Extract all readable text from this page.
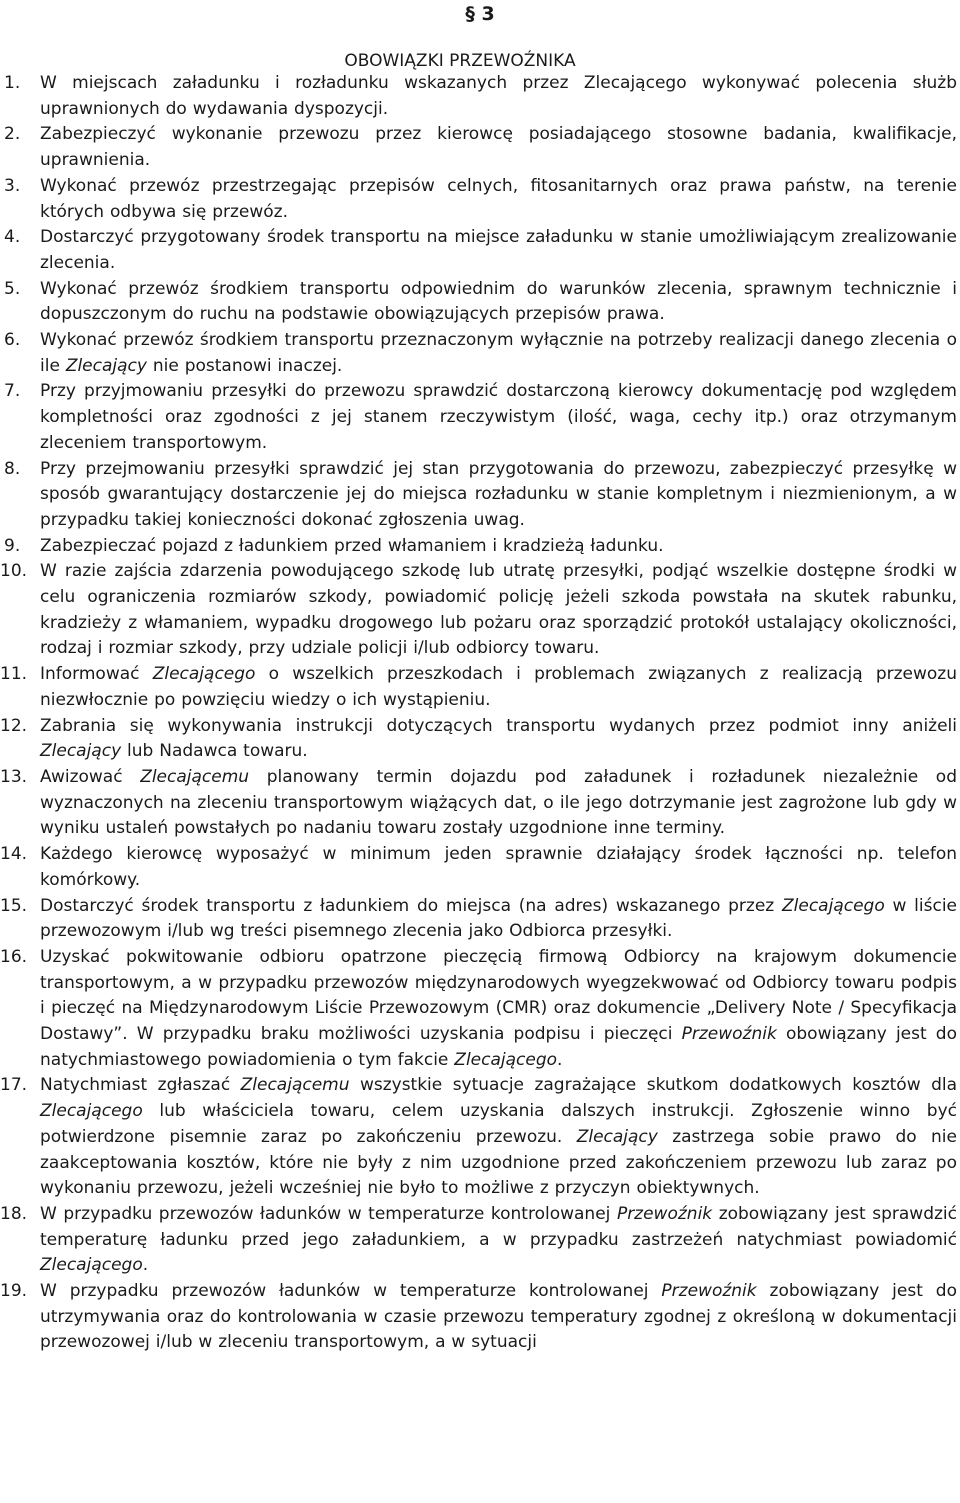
§ 3
OBOWIĄZKI PRZEWOŹNIKA
1. W miejscach załadunku i rozładunku wskazanych przez Zlecającego wykonywać polecenia służb uprawnionych do wydawania dyspozycji.
2. Zabezpieczyć wykonanie przewozu przez kierowcę posiadającego stosowne badania, kwalifikacje, uprawnienia.
3. Wykonać przewóz przestrzegając przepisów celnych, fitosanitarnych oraz prawa państw, na terenie których odbywa się przewóz.
4. Dostarczyć przygotowany środek transportu na miejsce załadunku w stanie umożliwiającym zrealizowanie zlecenia.
5. Wykonać przewóz środkiem transportu odpowiednim do warunków zlecenia, sprawnym technicznie i dopuszczonym do ruchu na podstawie obowiązujących przepisów prawa.
6. Wykonać przewóz środkiem transportu przeznaczonym wyłącznie na potrzeby realizacji danego zlecenia o ile Zlecający nie postanowi inaczej.
7. Przy przyjmowaniu przesyłki do przewozu sprawdzić dostarczoną kierowcy dokumentację pod względem kompletności oraz zgodności z jej stanem rzeczywistym (ilość, waga, cechy itp.) oraz otrzymanym zleceniem transportowym.
8. Przy przejmowaniu przesyłki sprawdzić jej stan przygotowania do przewozu, zabezpieczyć przesyłkę w sposób gwarantujący dostarczenie jej do miejsca rozładunku w stanie kompletnym i niezmienionym, a w przypadku takiej konieczności dokonać zgłoszenia uwag.
9. Zabezpieczać pojazd z ładunkiem przed włamaniem i kradzieżą ładunku.
10. W razie zajścia zdarzenia powodującego szkodę lub utratę przesyłki, podjąć wszelkie dostępne środki w celu ograniczenia rozmiarów szkody, powiadomić policję jeżeli szkoda powstała na skutek rabunku, kradzieży z włamaniem, wypadku drogowego lub pożaru oraz sporządzić protokół ustalający okoliczności, rodzaj i rozmiar szkody, przy udziale policji i/lub odbiorcy towaru.
11. Informować Zlecającego o wszelkich przeszkodach i problemach związanych z realizacją przewozu niezwłocznie po powzięciu wiedzy o ich wystąpieniu.
12. Zabrania się wykonywania instrukcji dotyczących transportu wydanych przez podmiot inny aniżeli Zlecający lub Nadawca towaru.
13. Awizować Zlecającemu planowany termin dojazdu pod załadunek i rozładunek niezależnie od wyznaczonych na zleceniu transportowym wiążących dat, o ile jego dotrzymanie jest zagrożone lub gdy w wyniku ustaleń powstałych po nadaniu towaru zostały uzgodnione inne terminy.
14. Każdego kierowcę wyposażyć w minimum jeden sprawnie działający środek łączności np. telefon komórkowy.
15. Dostarczyć środek transportu z ładunkiem do miejsca (na adres) wskazanego przez Zlecającego w liście przewozowym i/lub wg treści pisemnego zlecenia jako Odbiorca przesyłki.
16. Uzyskać pokwitowanie odbioru opatrzone pieczęcią firmową Odbiorcy na krajowym dokumencie transportowym, a w przypadku przewozów międzynarodowych wyegzekwować od Odbiorcy towaru podpis i pieczęć na Międzynarodowym Liście Przewozowym (CMR) oraz dokumencie „Delivery Note / Specyfikacja Dostawy”. W przypadku braku możliwości uzyskania podpisu i pieczęci Przewoźnik obowiązany jest do natychmiastowego powiadomienia o tym fakcie Zlecającego.
17. Natychmiast zgłaszać Zlecającemu wszystkie sytuacje zagrażające skutkom dodatkowych kosztów dla Zlecającego lub właściciela towaru, celem uzyskania dalszych instrukcji. Zgłoszenie winno być potwierdzone pisemnie zaraz po zakończeniu przewozu. Zlecający zastrzega sobie prawo do nie zaakceptowania kosztów, które nie były z nim uzgodnione przed zakończeniem przewozu lub zaraz po wykonaniu przewozu, jeżeli wcześniej nie było to możliwe z przyczyn obiektywnych.
18. W przypadku przewozów ładunków w temperaturze kontrolowanej Przewoźnik zobowiązany jest sprawdzić temperaturę ładunku przed jego załadunkiem, a w przypadku zastrzeżeń natychmiast powiadomić Zlecającego.
19. W przypadku przewozów ładunków w temperaturze kontrolowanej Przewoźnik zobowiązany jest do utrzymywania oraz do kontrolowania w czasie przewozu temperatury zgodnej z określoną w dokumentacji przewozowej i/lub w zleceniu transportowym, a w sytuacji
